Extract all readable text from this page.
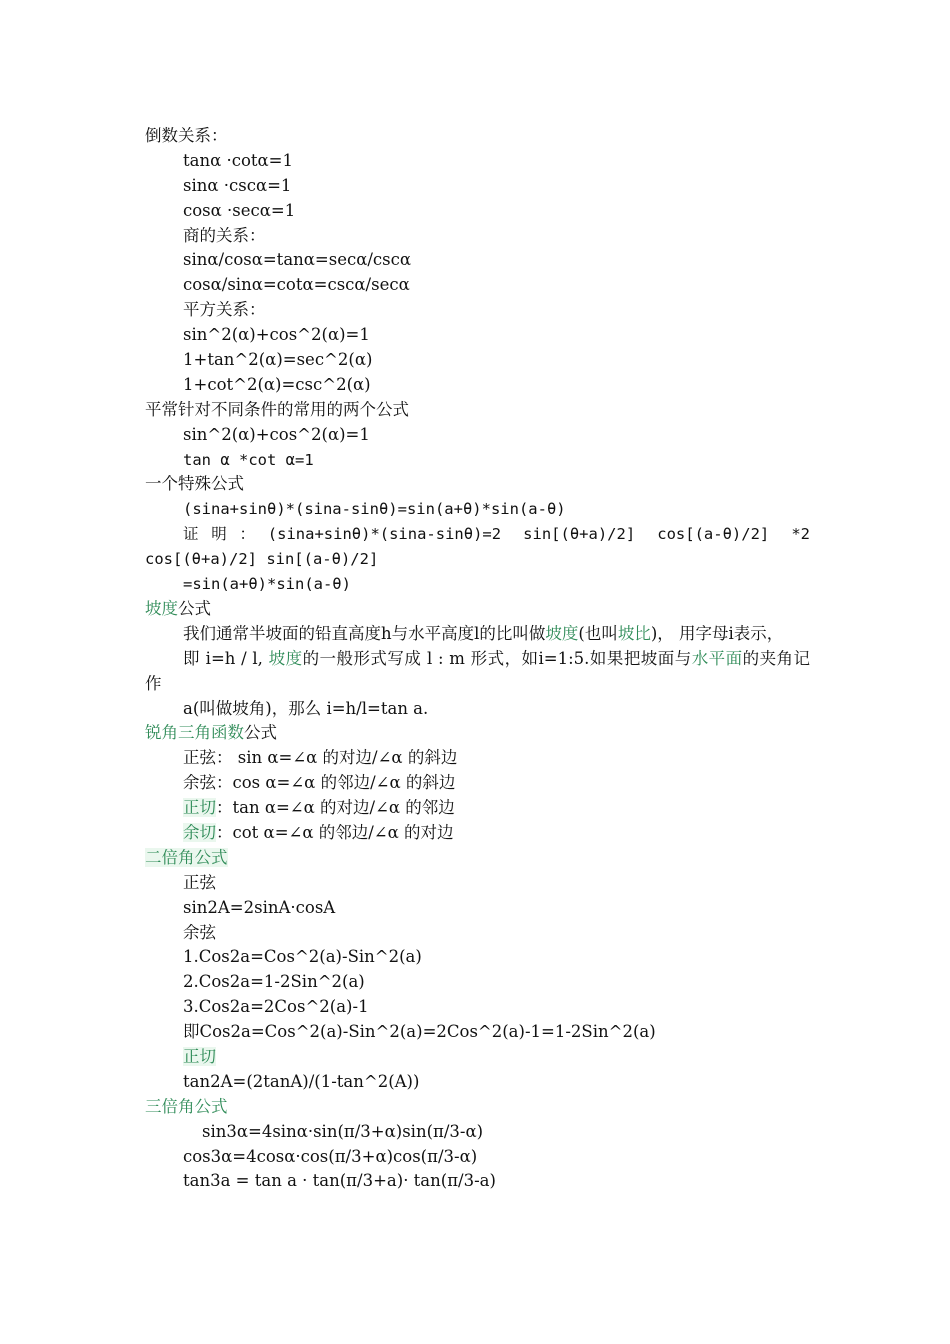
倒数关系：
tanα ·cotα=1
sinα ·cscα=1
cosα ·secα=1
商的关系：
sinα/cosα=tanα=secα/cscα
cosα/sinα=cotα=cscα/secα
平方关系：
sin^2(α)+cos^2(α)=1
1+tan^2(α)=sec^2(α)
1+cot^2(α)=csc^2(α)
平常针对不同条件的常用的两个公式
sin^2(α)+cos^2(α)=1
tan α *cot α=1
一个特殊公式
(sina+sinθ)*(sina-sinθ)=sin(a+θ)*sin(a-θ)
证明：(sina+sinθ)*(sina-sinθ)=2 sin[(θ+a)/2] cos[(a-θ)/2] *2 cos[(θ+a)/2] sin[(a-θ)/2]
=sin(a+θ)*sin(a-θ)
坡度公式
我们通常半坡面的铅直高度h与水平高度l的比叫做坡度(也叫坡比)， 用字母i表示，
即 i=h / l, 坡度的一般形式写成 l : m 形式，如i=1:5.如果把坡面与水平面的夹角记作
a(叫做坡角)，那么 i=h/l=tan a.
锐角三角函数公式
正弦： sin α=∠α 的对边/∠α 的斜边
余弦：cos α=∠α 的邻边/∠α 的斜边
正切：tan α=∠α 的对边/∠α 的邻边
余切：cot α=∠α 的邻边/∠α 的对边
二倍角公式
正弦
sin2A=2sinA·cosA
余弦
1.Cos2a=Cos^2(a)-Sin^2(a)
2.Cos2a=1-2Sin^2(a)
3.Cos2a=2Cos^2(a)-1
即Cos2a=Cos^2(a)-Sin^2(a)=2Cos^2(a)-1=1-2Sin^2(a)
正切
tan2A=(2tanA)/(1-tan^2(A))
三倍角公式
sin3α=4sinα·sin(π/3+α)sin(π/3-α)
cos3α=4cosα·cos(π/3+α)cos(π/3-α)
tan3a = tan a · tan(π/3+a)· tan(π/3-a)
